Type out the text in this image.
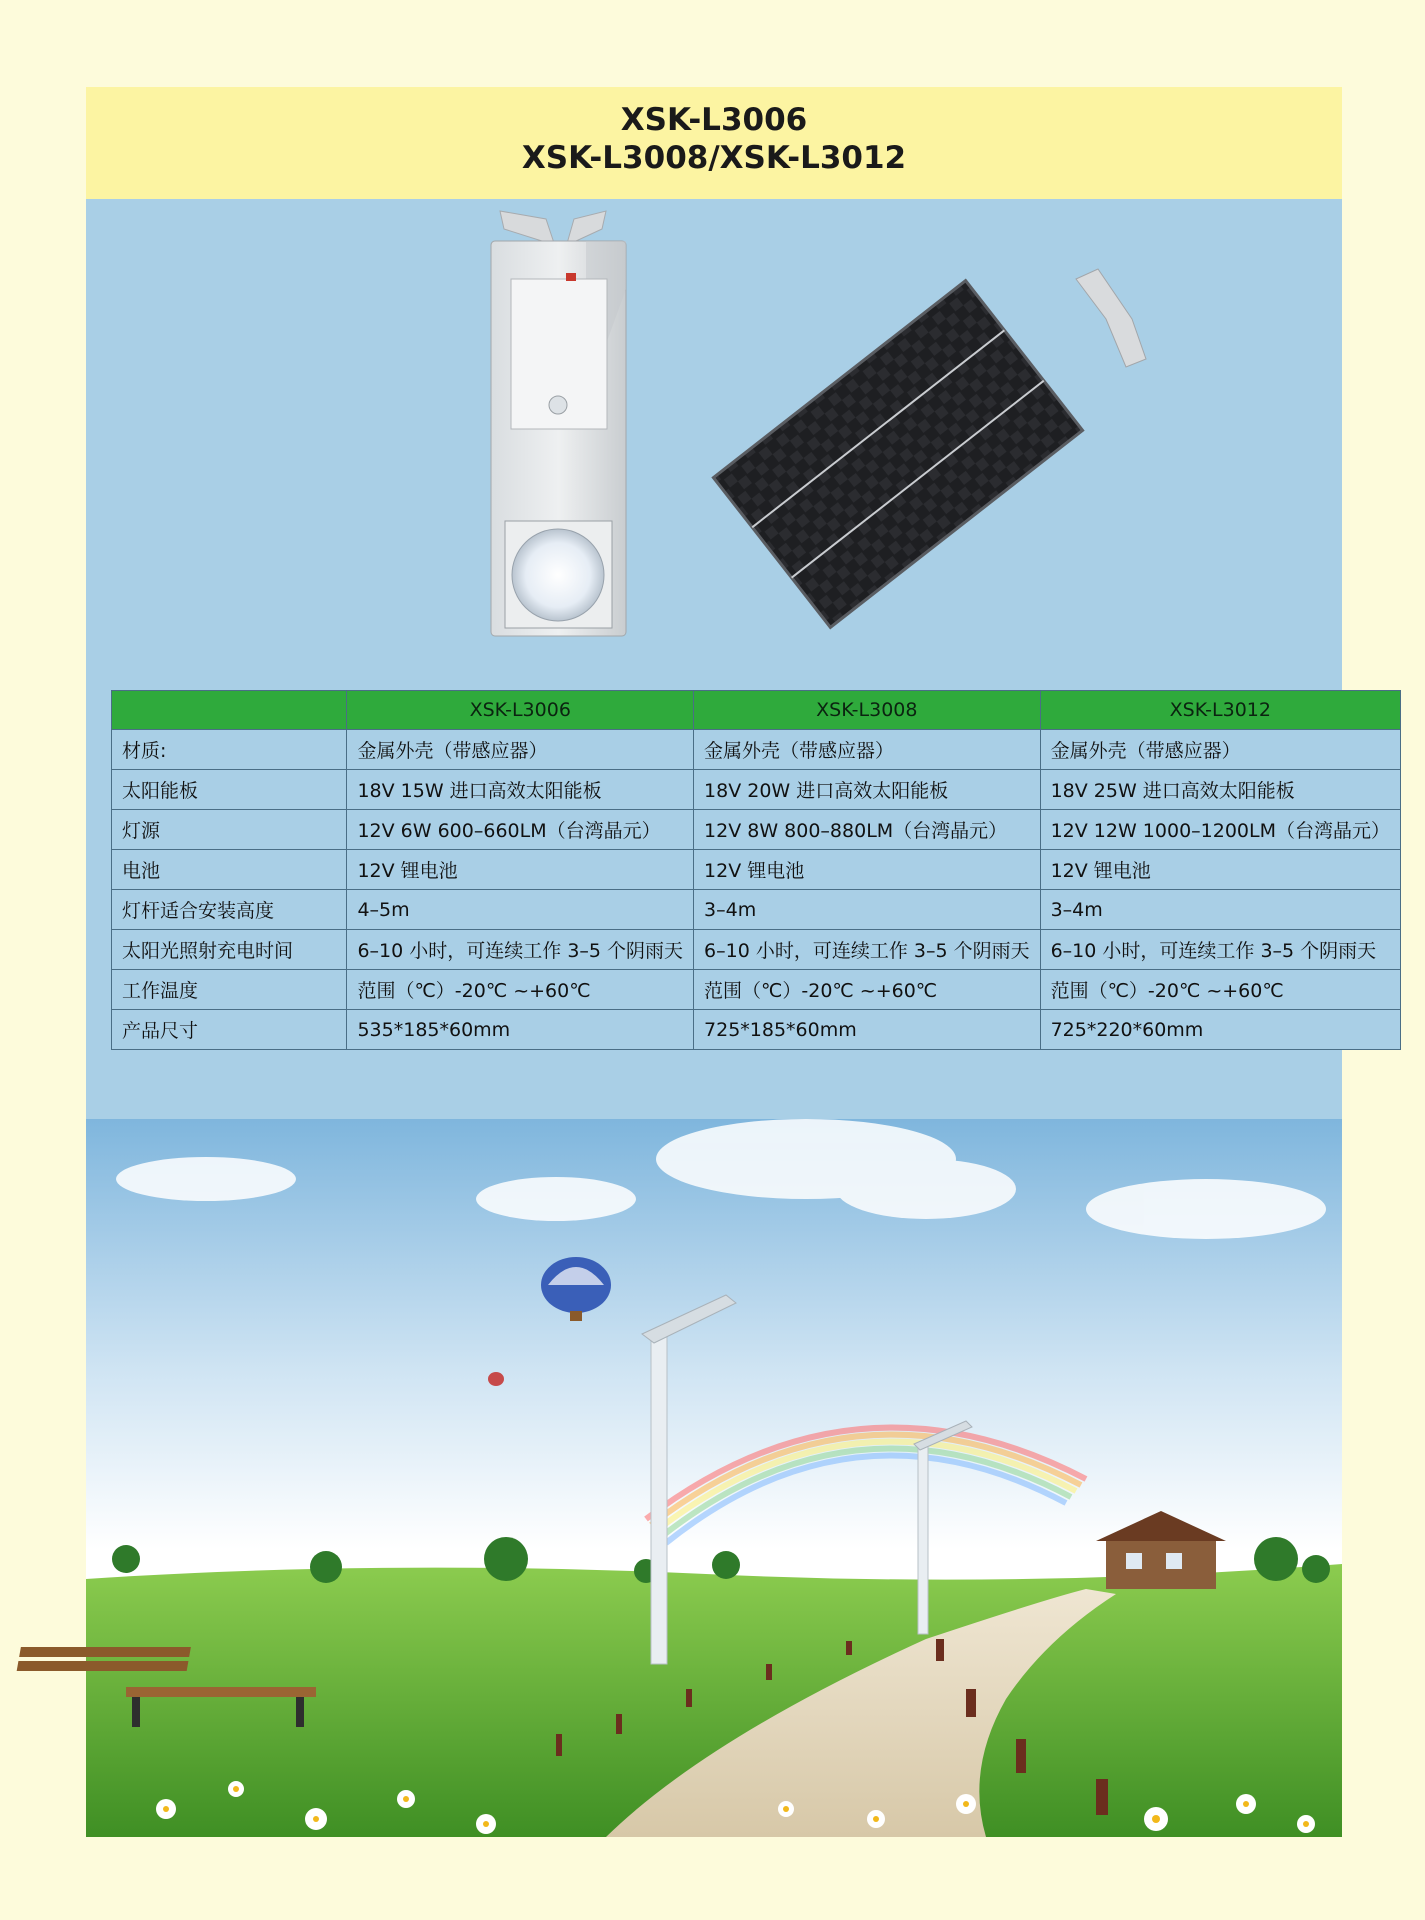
XSK-L3006
XSK-L3008/XSK-L3012
	XSK-L3006	XSK-L3008	XSK-L3012
材质:	金属外壳（带感应器）	金属外壳（带感应器）	金属外壳（带感应器）
太阳能板	18V 15W 进口高效太阳能板	18V 20W 进口高效太阳能板	18V 25W 进口高效太阳能板
灯源	12V 6W 600–660LM（台湾晶元）	12V 8W 800–880LM（台湾晶元）	12V 12W 1000–1200LM（台湾晶元）
电池	12V 锂电池	12V 锂电池	12V 锂电池
灯杆适合安装高度	4–5m	3–4m	3–4m
太阳光照射充电时间	6–10 小时，可连续工作 3–5 个阴雨天	6–10 小时，可连续工作 3–5 个阴雨天	6–10 小时，可连续工作 3–5 个阴雨天
工作温度	范围（℃）-20℃ ~+60℃	范围（℃）-20℃ ~+60℃	范围（℃）-20℃ ~+60℃
产品尺寸	535*185*60mm	725*185*60mm	725*220*60mm
